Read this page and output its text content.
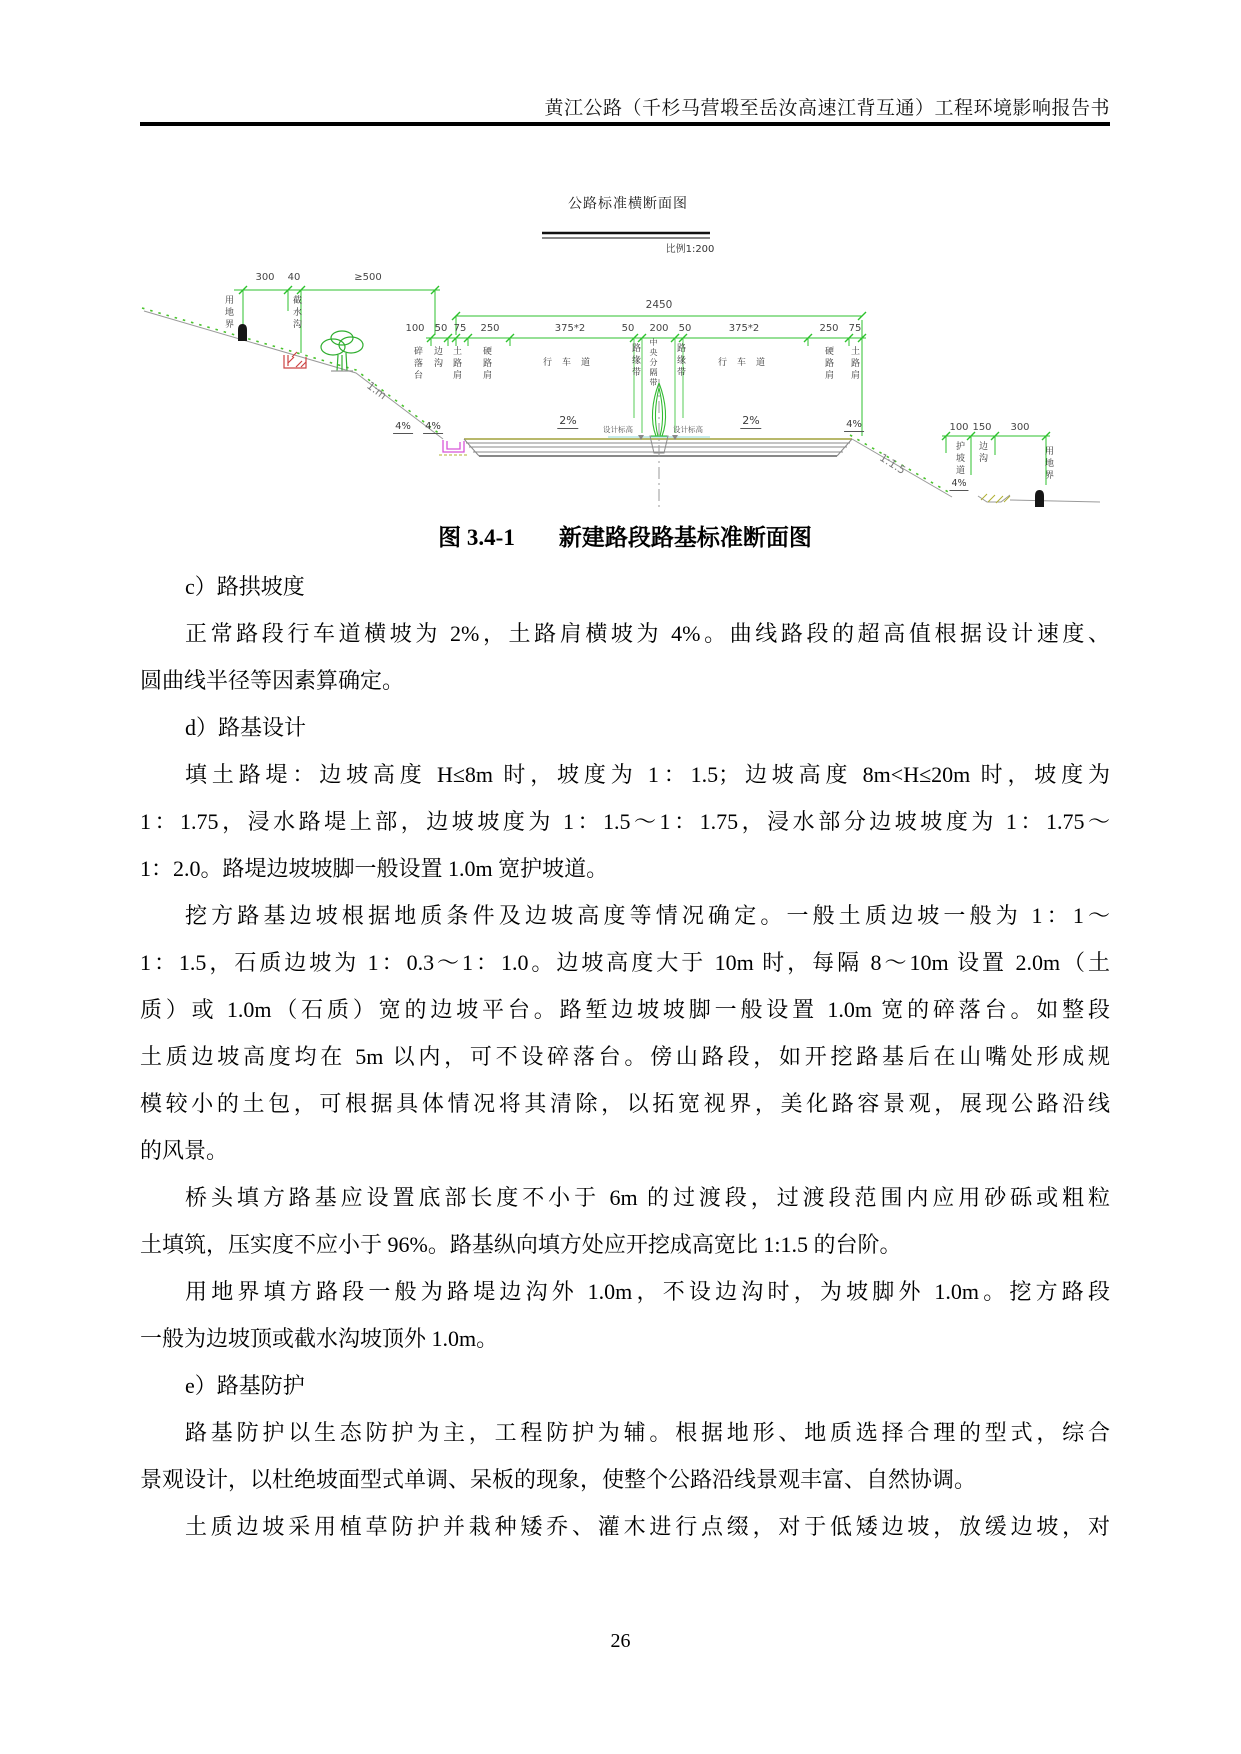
黄江公路（千杉马营塅至岳汝高速江背互通）工程环境影响报告书
公路标准横断面图
比例1:200
300 40	≥500
2450
100 50 75 250	375*2	50 200 50	375*2	250 75
100 150 300
用地界	截水沟
碎落台 边沟 土路肩 硬路肩	行车道	路缘带 中央分隔带 路缘带	行车道	硬路肩 土路肩
4% 4%	2%	2%	4%
4%
设计标高	设计标高
1:m
1:1.5	护坡道 边沟	用地界
图 3.4-1 新建路段路基标准断面图
c）路拱坡度
正常路段行车道横坡为 2%，土路肩横坡为 4%。曲线路段的超高值根据设计速度、
圆曲线半径等因素算确定。
d）路基设计
填土路堤：边坡高度 H≤8m 时，坡度为 1：1.5；边坡高度 8m<H≤20m 时，坡度为
1：1.75，浸水路堤上部，边坡坡度为 1：1.5～1：1.75，浸水部分边坡坡度为 1：1.75～
1：2.0。路堤边坡坡脚一般设置 1.0m 宽护坡道。
挖方路基边坡根据地质条件及边坡高度等情况确定。一般土质边坡一般为 1：1～
1：1.5，石质边坡为 1：0.3～1：1.0。边坡高度大于 10m 时，每隔 8～10m 设置 2.0m（土
质）或 1.0m（石质）宽的边坡平台。路堑边坡坡脚一般设置 1.0m 宽的碎落台。如整段
土质边坡高度均在 5m 以内，可不设碎落台。傍山路段，如开挖路基后在山嘴处形成规
模较小的土包，可根据具体情况将其清除，以拓宽视界，美化路容景观，展现公路沿线
的风景。
桥头填方路基应设置底部长度不小于 6m 的过渡段，过渡段范围内应用砂砾或粗粒
土填筑，压实度不应小于 96%。路基纵向填方处应开挖成高宽比 1:1.5 的台阶。
用地界填方路段一般为路堤边沟外 1.0m，不设边沟时，为坡脚外 1.0m。挖方路段
一般为边坡顶或截水沟坡顶外 1.0m。
e）路基防护
路基防护以生态防护为主，工程防护为辅。根据地形、地质选择合理的型式，综合
景观设计，以杜绝坡面型式单调、呆板的现象，使整个公路沿线景观丰富、自然协调。
土质边坡采用植草防护并栽种矮乔、灌木进行点缀，对于低矮边坡，放缓边坡，对
26
